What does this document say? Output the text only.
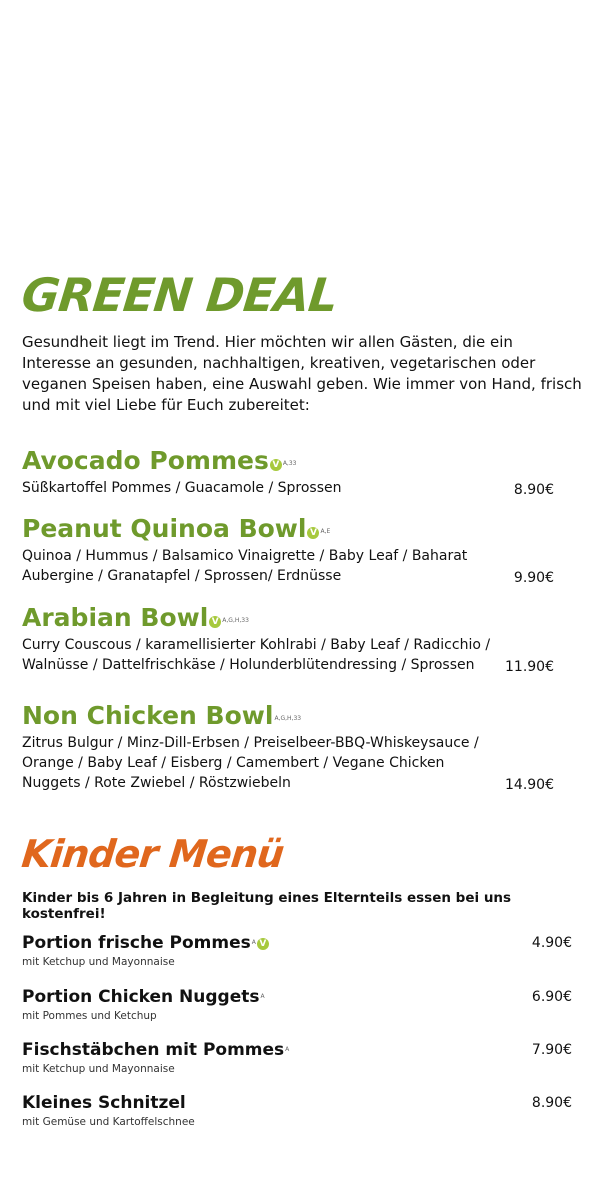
GREEN DEAL

Gesundheit liegt im Trend. Hier möchten wir allen Gästen, die ein Interesse an gesunden, nachhaltigen, kreativen, vegetarischen oder veganen Speisen haben, eine Auswahl geben. Wie immer von Hand, frisch und mit viel Liebe für Euch zubereitet:

Avocado Pommes V $^{A,33}$
Süßkartoffel Pommes / Guacamole / Sprossen	8.90€
Peanut Quinoa Bowl V $^{A,E}$
Quinoa / Hummus / Balsamico Vinaigrette / Baby Leaf / Baharat Aubergine / Granatapfel / Sprossen/ Erdnüsse	9.90€
Arabian Bowl V $^{A,G,H,33}$
Curry Couscous / karamellisierter Kohlrabi / Baby Leaf / Radicchio / Walnüsse / Dattelfrischkäse / Holunderblütendressing / Sprossen	11.90€
Non Chicken Bowl$^{A,G,H,33}$
Zitrus Bulgur / Minz-Dill-Erbsen / Preiselbeer-BBQ-Whiskeysauce / Orange / Baby Leaf / Eisberg / Camembert / Vegane Chicken Nuggets / Rote Zwiebel / Röstzwiebeln	14.90€
Kinder Menü

Kinder bis 6 Jahren in Begleitung eines Elternteils essen bei uns kostenfrei!

Portion frische Pommes$^A$ V
mit Ketchup und Mayonnaise
4.90€
Portion Chicken Nuggets$^A$
mit Pommes und Ketchup
6.90€
Fischstäbchen mit Pommes$^A$
mit Ketchup und Mayonnaise
7.90€
Kleines Schnitzel
mit Gemüse und Kartoffelschnee
8.90€
